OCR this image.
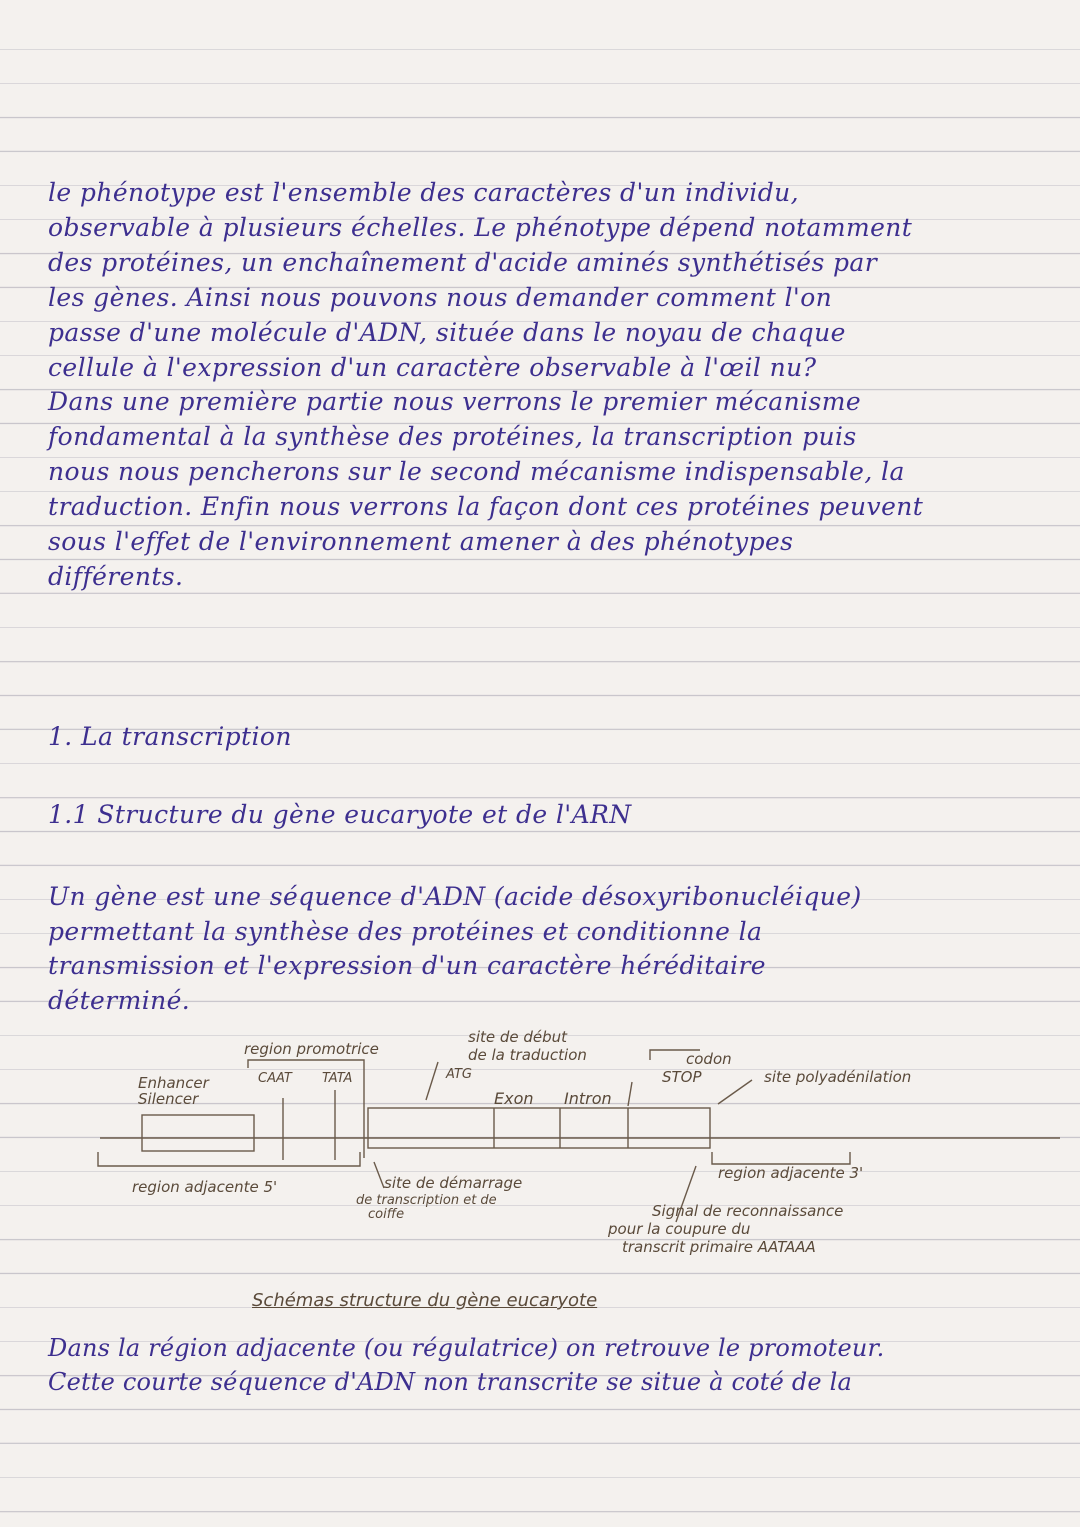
le phénotype est l'ensemble des caractères d'un individu,

observable à plusieurs échelles. Le phénotype dépend notamment

des protéines, un enchaînement d'acide aminés synthétisés par

les gènes. Ainsi nous pouvons nous demander comment l'on

passe d'une molécule d'ADN, située dans le noyau de chaque

cellule à l'expression d'un caractère observable à l'œil nu?

Dans une première partie nous verrons le premier mécanisme

fondamental à la synthèse des protéines, la transcription puis

nous nous pencherons sur le second mécanisme indispensable, la

traduction. Enfin nous verrons la façon dont ces protéines peuvent

sous l'effet de l'environnement amener à des phénotypes

différents.

1. La transcription
1.1 Structure du gène eucaryote et de l'ARN

Un gène est une séquence d'ADN (acide désoxyribonucléique)

permettant la synthèse des protéines et conditionne la

transmission et l'expression d'un caractère héréditaire

déterminé.

region promotrice
CAAT TATA
Enhancer
Silencer
site de début
de la traduction
ATG
Exon Intron
codon
STOP	site polyadénilation
region adjacente 5'
region adjacente 3'
site de démarrage
de transcription et de
coiffe	Signal de reconnaissance
pour la coupure du
transcrit primaire AATAAA
Schémas structure du gène eucaryote

Dans la région adjacente (ou régulatrice) on retrouve le promoteur.

Cette courte séquence d'ADN non transcrite se situe à coté de la
